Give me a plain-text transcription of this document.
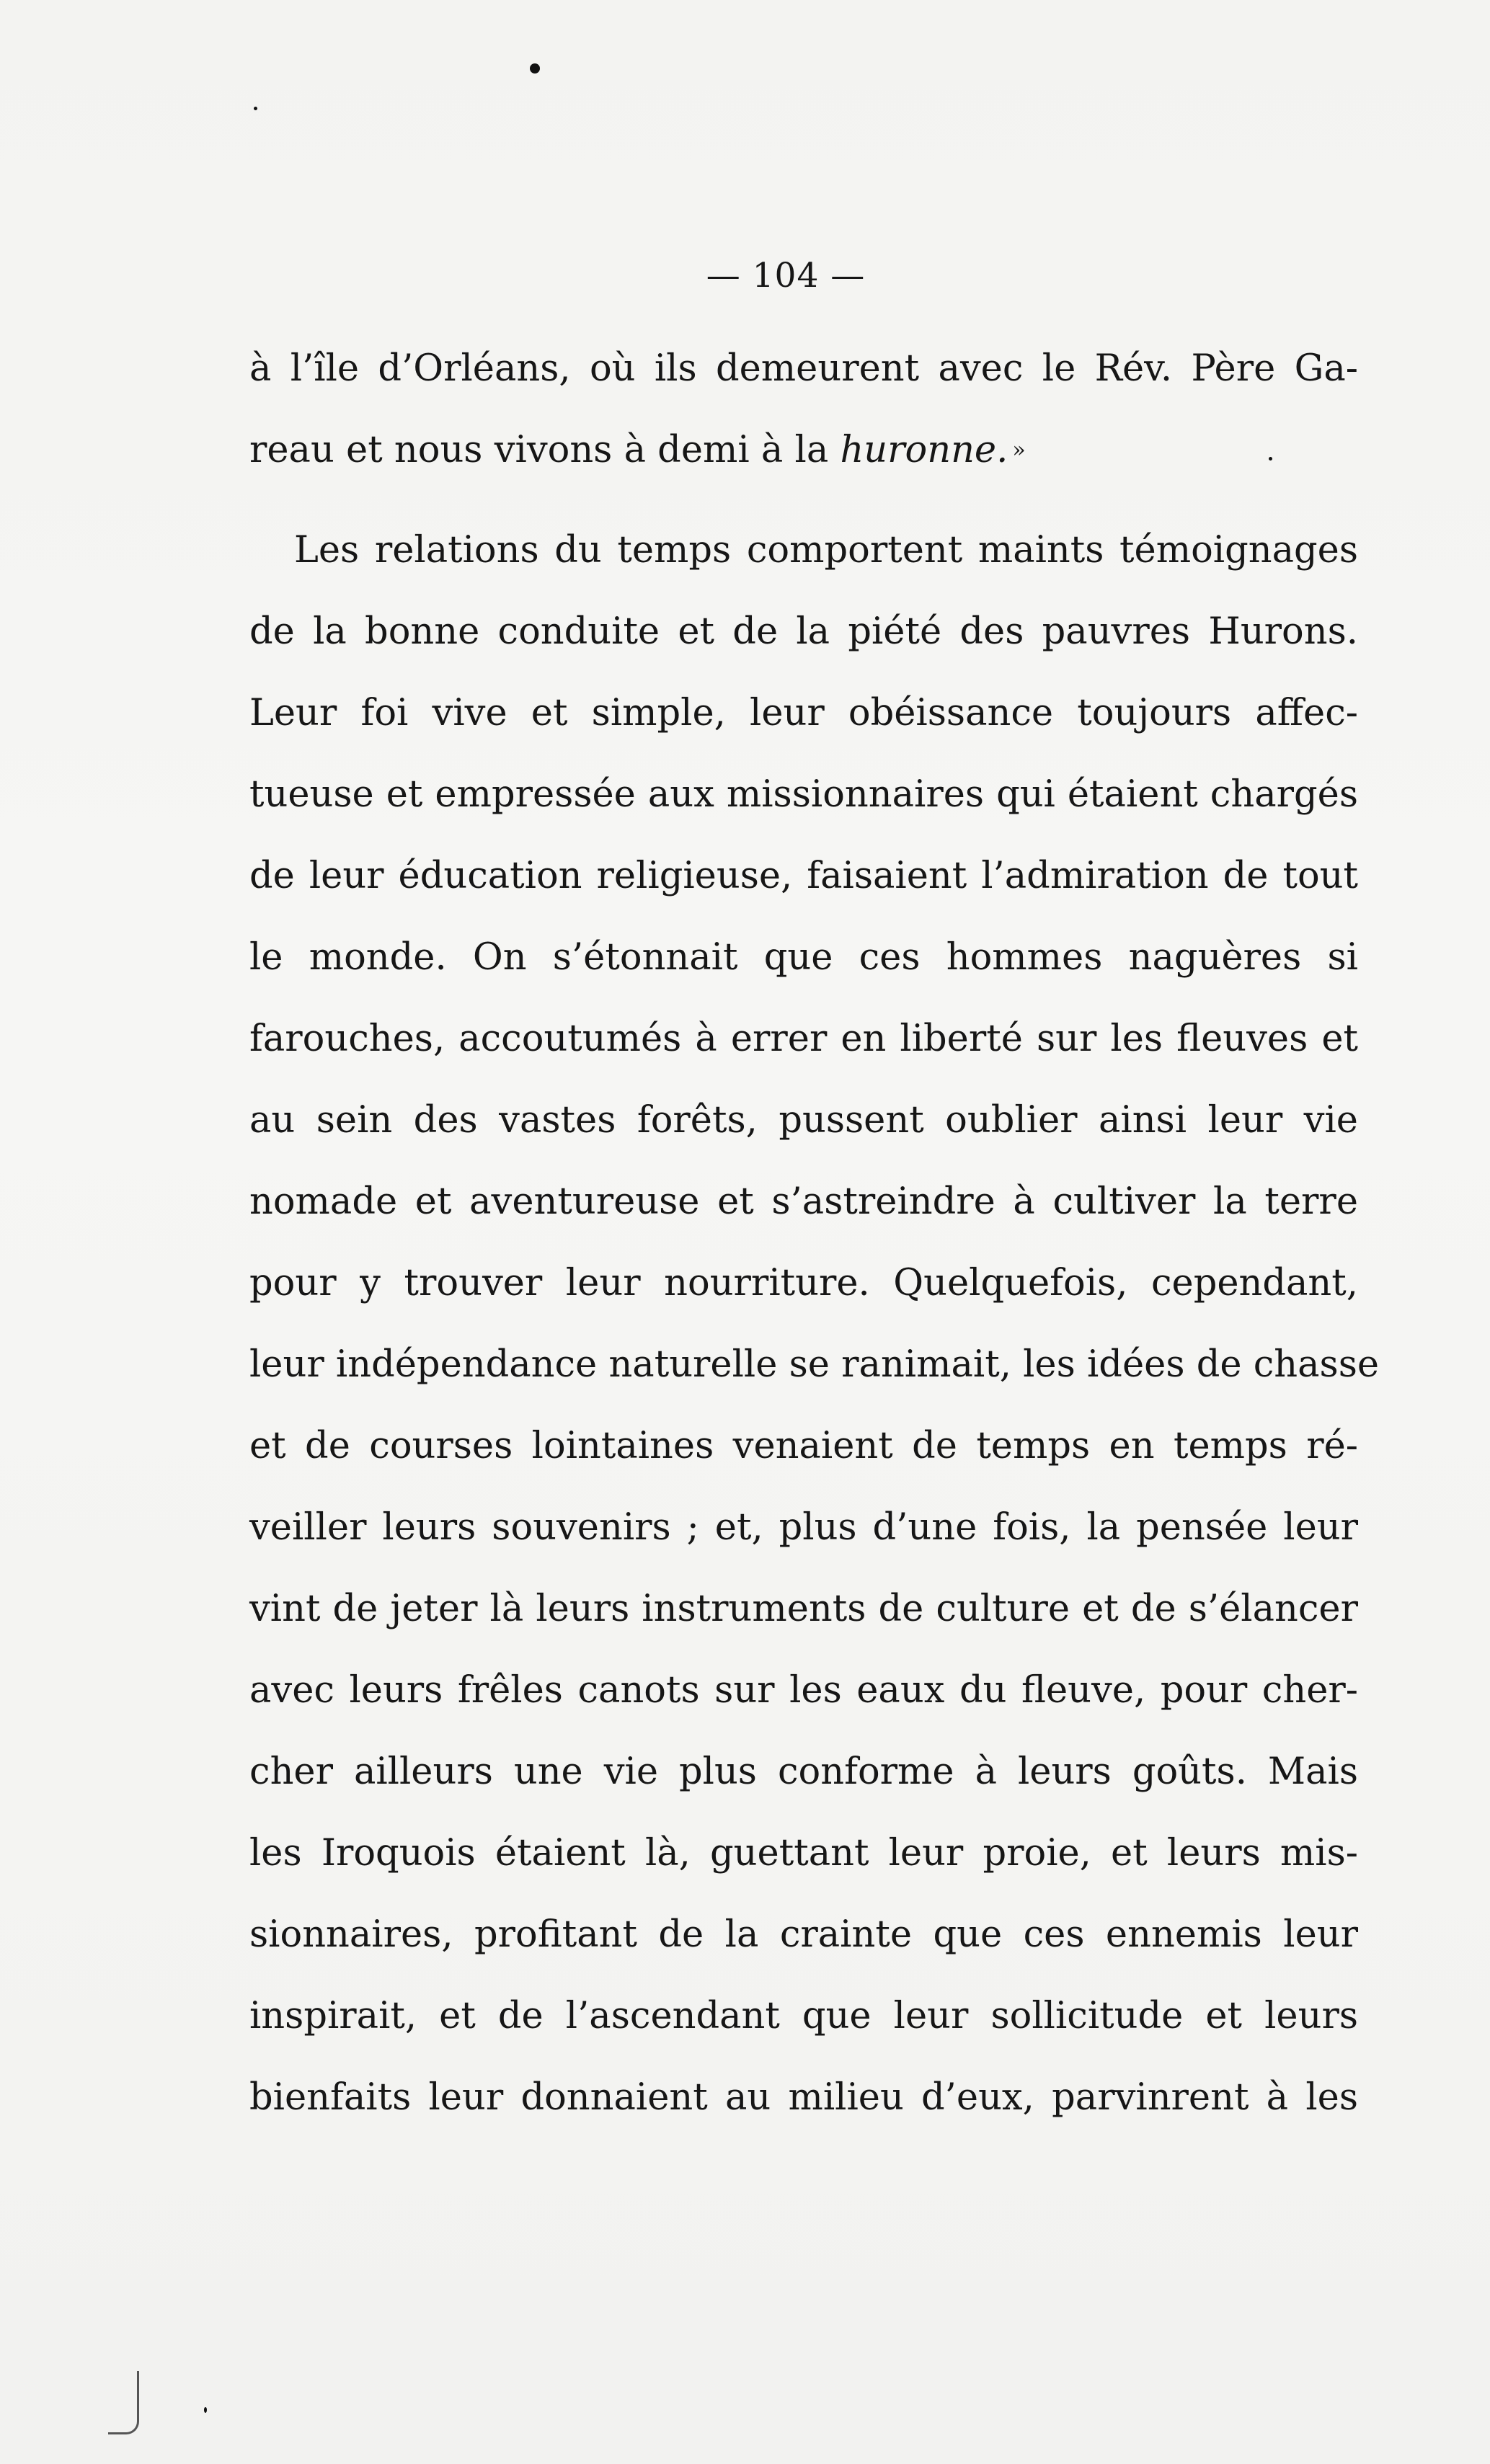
— 104 —
à l’île d’Orléans, où ils demeurent avec le Rév. Père Ga-
reau et nous vivons à demi à la huronne. »
Les relations du temps comportent maints témoignages
de la bonne conduite et de la piété des pauvres Hurons.
Leur foi vive et simple, leur obéissance toujours affec-
tueuse et empressée aux missionnaires qui étaient chargés
de leur éducation religieuse, faisaient l’admiration de tout
le monde. On s’étonnait que ces hommes naguères si
farouches, accoutumés à errer en liberté sur les fleuves et
au sein des vastes forêts, pussent oublier ainsi leur vie
nomade et aventureuse et s’astreindre à cultiver la terre
pour y trouver leur nourriture. Quelquefois, cependant,
leur indépendance naturelle se ranimait, les idées de chasse
et de courses lointaines venaient de temps en temps ré-
veiller leurs souvenirs ; et, plus d’une fois, la pensée leur
vint de jeter là leurs instruments de culture et de s’élancer
avec leurs frêles canots sur les eaux du fleuve, pour cher-
cher ailleurs une vie plus conforme à leurs goûts. Mais
les Iroquois étaient là, guettant leur proie, et leurs mis-
sionnaires, profitant de la crainte que ces ennemis leur
inspirait, et de l’ascendant que leur sollicitude et leurs
bienfaits leur donnaient au milieu d’eux, parvinrent à les
